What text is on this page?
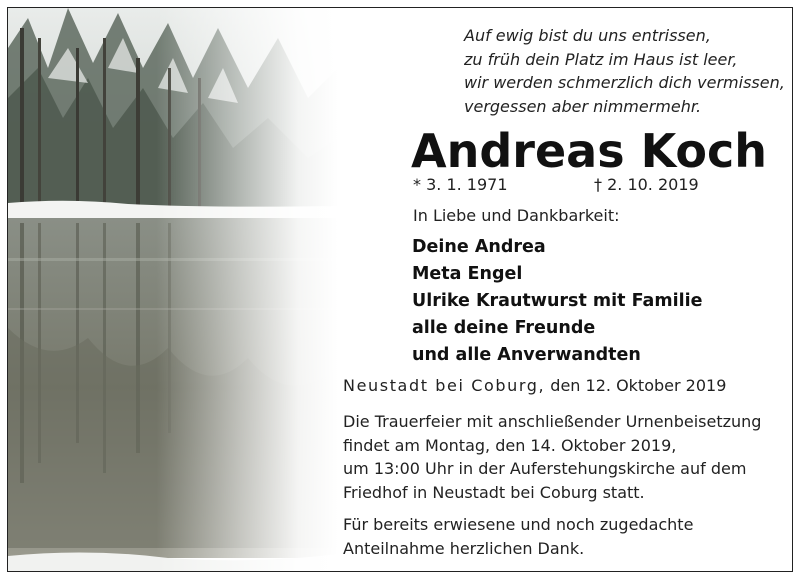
Auf ewig bist du uns entrissen,
zu früh dein Platz im Haus ist leer,
wir werden schmerzlich dich vermissen,
vergessen aber nimmermehr.
Andreas Koch
* 3. 1. 1971	† 2. 10. 2019
In Liebe und Dankbarkeit:
Deine Andrea
Meta Engel
Ulrike Krautwurst mit Familie
alle deine Freunde
und alle Anverwandten
Neustadt bei Coburg, den 12. Oktober 2019
Die Trauerfeier mit anschließender Urnenbeisetzung
findet am Montag, den 14. Oktober 2019,
um 13:00 Uhr in der Auferstehungskirche auf dem
Friedhof in Neustadt bei Coburg statt.
Für bereits erwiesene und noch zugedachte
Anteilnahme herzlichen Dank.
